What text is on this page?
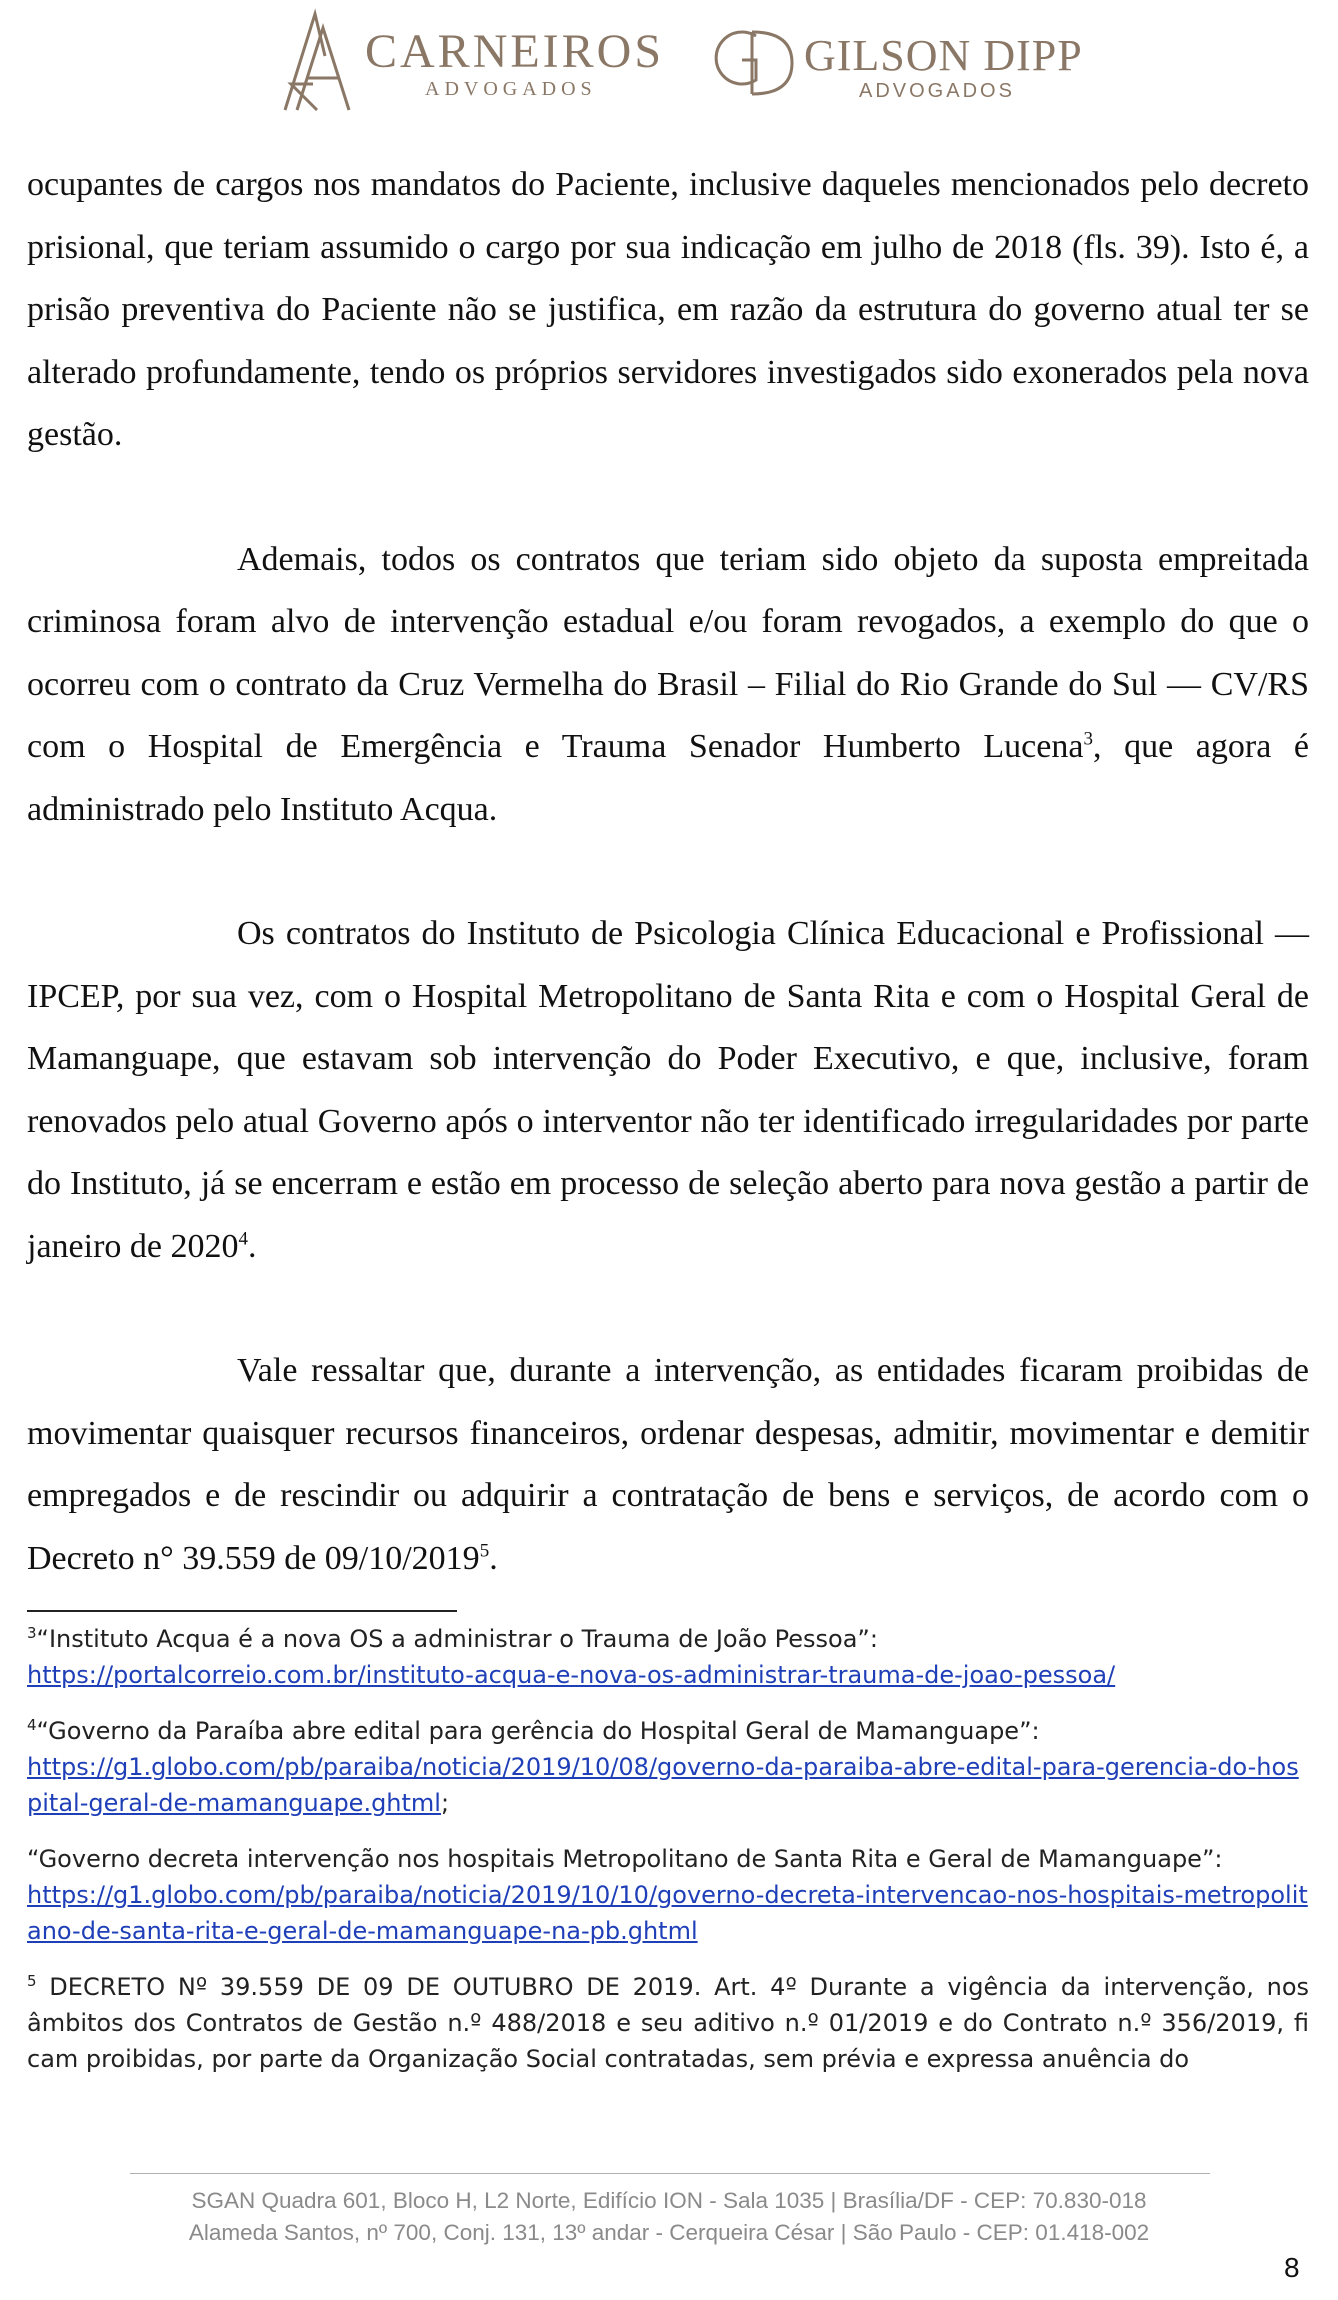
CARNEIROS
ADVOGADOS
GILSON DIPP
ADVOGADOS

ocupantes de cargos nos mandatos do Paciente, inclusive daqueles mencionados pelo decreto prisional, que teriam assumido o cargo por sua indicação em julho de 2018 (fls. 39). Isto é, a prisão preventiva do Paciente não se justifica, em razão da estrutura do governo atual ter se alterado profundamente, tendo os próprios servidores investigados sido exonerados pela nova gestão.

Ademais, todos os contratos que teriam sido objeto da suposta empreitada criminosa foram alvo de intervenção estadual e/ou foram revogados, a exemplo do que o ocorreu com o contrato da Cruz Vermelha do Brasil – Filial do Rio Grande do Sul — CV/RS com o Hospital de Emergência e Trauma Senador Humberto Lucena$^3$, que agora é administrado pelo Instituto Acqua.

Os contratos do Instituto de Psicologia Clínica Educacional e Profissional — IPCEP, por sua vez, com o Hospital Metropolitano de Santa Rita e com o Hospital Geral de Mamanguape, que estavam sob intervenção do Poder Executivo, e que, inclusive, foram renovados pelo atual Governo após o interventor não ter identificado irregularidades por parte do Instituto, já se encerram e estão em processo de seleção aberto para nova gestão a partir de janeiro de 2020$^4$.

Vale ressaltar que, durante a intervenção, as entidades ficaram proibidas de movimentar quaisquer recursos financeiros, ordenar despesas, admitir, movimentar e demitir empregados e de rescindir ou adquirir a contratação de bens e serviços, de acordo com o Decreto n° 39.559 de 09/10/2019$^5$.

$^3$“Instituto Acqua é a nova OS a administrar o Trauma de João Pessoa”:
https://portalcorreio.com.br/instituto-acqua-e-nova-os-administrar-trauma-de-joao-pessoa/
$^4$“Governo da Paraíba abre edital para gerência do Hospital Geral de Mamanguape”:
https://g1.globo.com/pb/paraiba/noticia/2019/10/08/governo-da-paraiba-abre-edital-para-gerencia-do-hospital-geral-de-mamanguape.ghtml;
“Governo decreta intervenção nos hospitais Metropolitano de Santa Rita e Geral de Mamanguape”:
https://g1.globo.com/pb/paraiba/noticia/2019/10/10/governo-decreta-intervencao-nos-hospitais-metropolitano-de-santa-rita-e-geral-de-mamanguape-na-pb.ghtml
$^5$ DECRETO Nº 39.559 DE 09 DE OUTUBRO DE 2019. Art. 4º Durante a vigência da intervenção, nos âmbitos dos Contratos de Gestão n.º 488/2018 e seu aditivo n.º 01/2019 e do Contrato n.º 356/2019, fi cam proibidas, por parte da Organização Social contratadas, sem prévia e expressa anuência do
SGAN Quadra 601, Bloco H, L2 Norte, Edifício ION - Sala 1035 | Brasília/DF - CEP: 70.830-018
Alameda Santos, nº 700, Conj. 131, 13º andar - Cerqueira César | São Paulo - CEP: 01.418-002
8
